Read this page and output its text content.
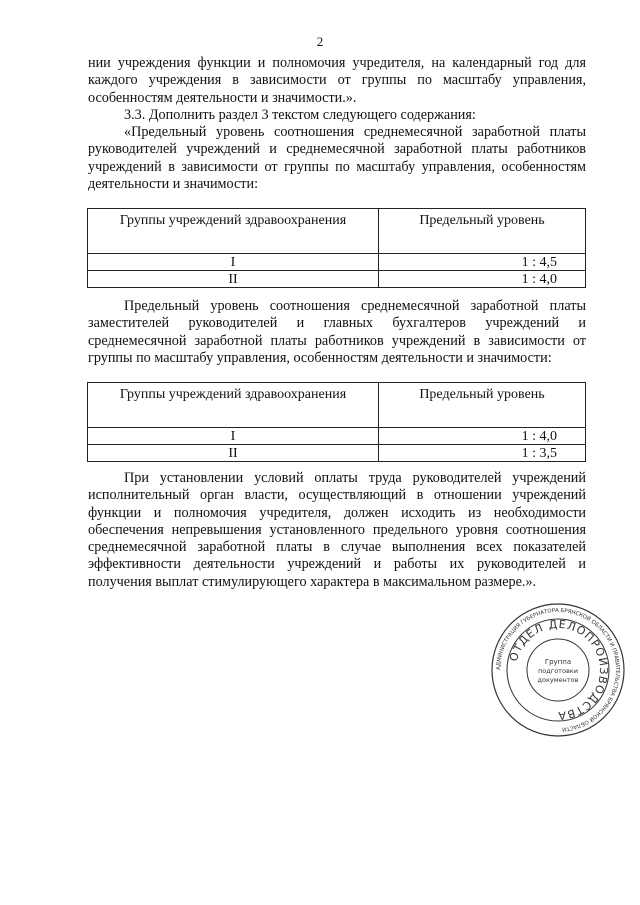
2

нии учреждения функции и полномочия учредителя, на календарный год для каждого учреждения в зависимости от группы по масштабу управления, особенностям деятельности и значимости.».

3.3. Дополнить раздел 3 текстом следующего содержания:

«Предельный уровень соотношения среднемесячной заработной платы руководителей учреждений и среднемесячной заработной платы работников учреждений в зависимости от группы по масштабу управления, особенностям деятельности и значимости:

Группы учреждений здравоохранения	Предельный уровень
I	1 : 4,5
II	1 : 4,0

Предельный уровень соотношения среднемесячной заработной платы заместителей руководителей и главных бухгалтеров учреждений и среднемесячной заработной платы работников учреждений в зависимости от группы по масштабу управления, особенностям деятельности и значимости:

Группы учреждений здравоохранения	Предельный уровень
I	1 : 4,0
II	1 : 3,5

При установлении условий оплаты труда руководителей учреждений исполнительный орган власти, осуществляющий в отношении учреждений функции и полномочия учредителя, должен исходить из необходимости обеспечения непревышения установленного предельного уровня соотношения среднемесячной заработной платы в случае выполнения всех показателей эффективности деятельности учреждений и работы их руководителей и получения выплат стимулирующего характера в максимальном размере.».

АДМИНИСТРАЦИЯ ГУБЕРНАТОРА БРЯНСКОЙ ОБЛАСТИ И ПРАВИТЕЛЬСТВА БРЯНСКОЙ ОБЛАСТИ
ОТДЕЛ ДЕЛОПРОИЗВОДСТВА
Группа
подготовки
документов
